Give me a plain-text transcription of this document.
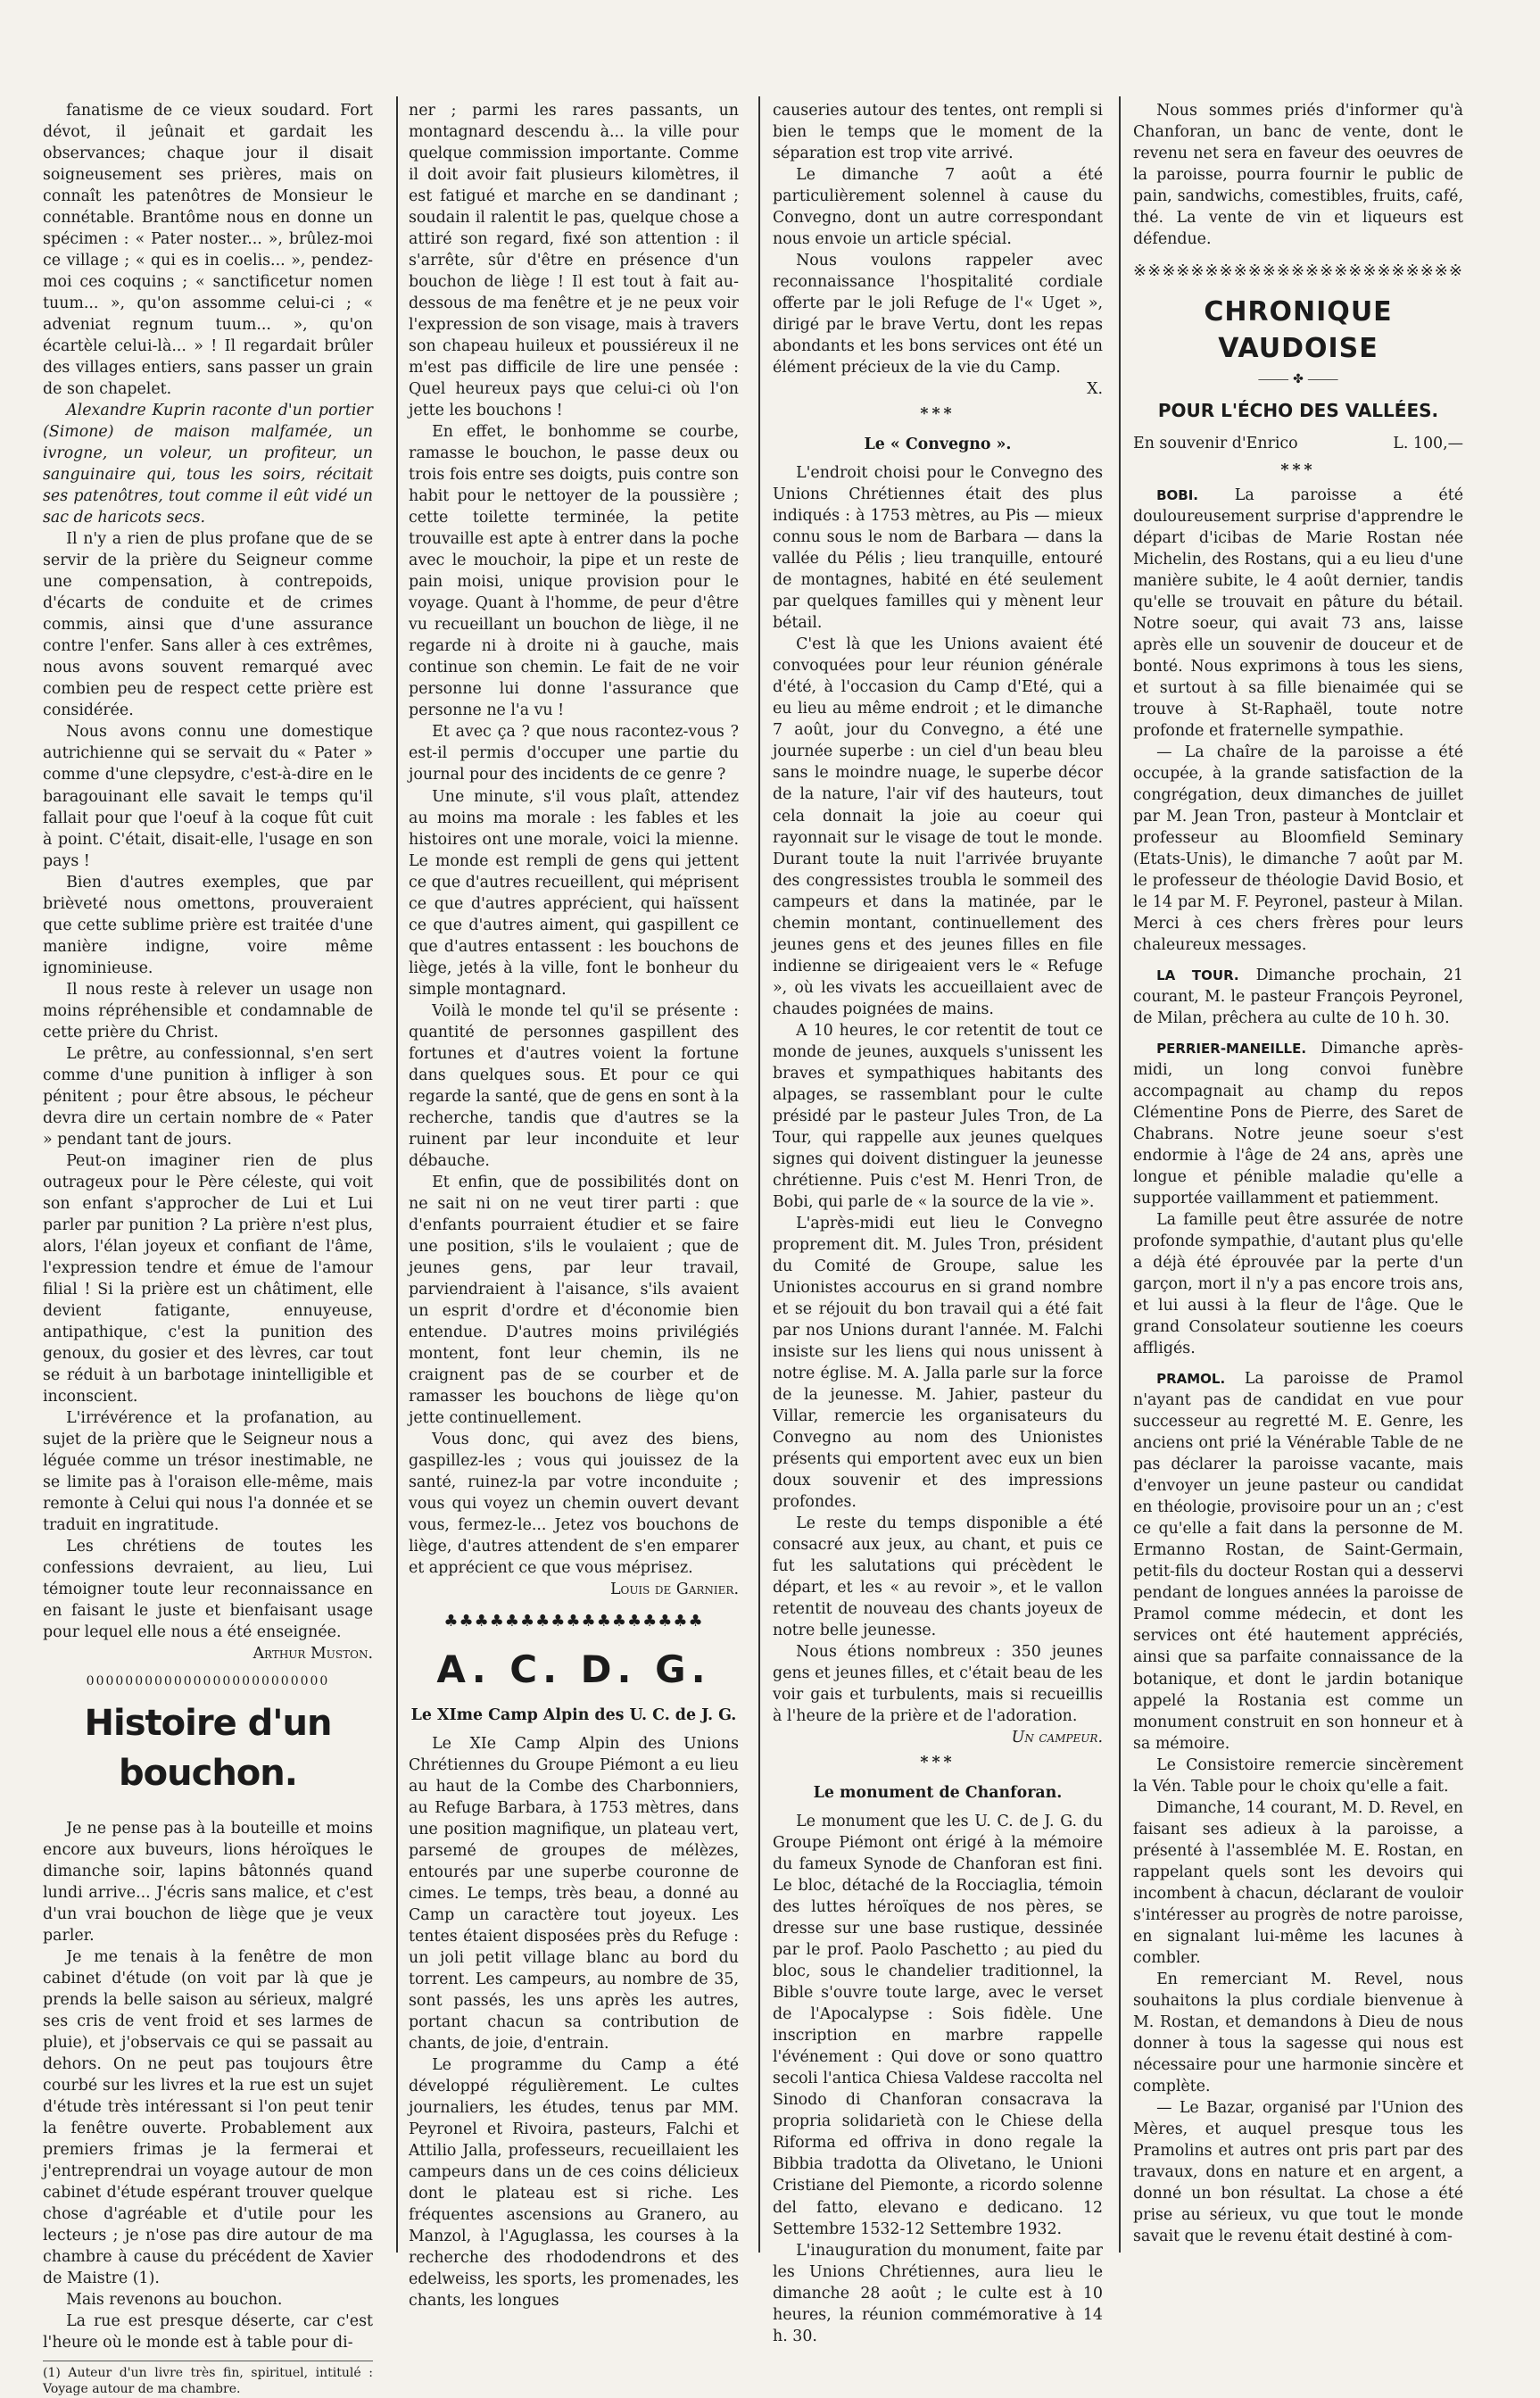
fanatisme de ce vieux soudard. Fort dévot, il jeûnait et gardait les observances; chaque jour il disait soigneusement ses prières, mais on connaît les patenôtres de Monsieur le connétable. Brantôme nous en donne un spécimen : « Pater noster... », brûlez-moi ce village ; « qui es in coelis... », pendez-moi ces coquins ; « sanctificetur nomen tuum... », qu'on assomme celui-ci ; « adveniat regnum tuum... », qu'on écartèle celui-là... » ! Il regardait brûler des villages entiers, sans passer un grain de son chapelet.

Alexandre Kuprin raconte d'un portier (Simone) de maison malfamée, un ivrogne, un voleur, un profiteur, un sanguinaire qui, tous les soirs, récitait ses patenôtres, tout comme il eût vidé un sac de haricots secs.

Il n'y a rien de plus profane que de se servir de la prière du Seigneur comme une compensation, à contrepoids, d'écarts de conduite et de crimes commis, ainsi que d'une assurance contre l'enfer. Sans aller à ces extrêmes, nous avons souvent remarqué avec combien peu de respect cette prière est considérée.

Nous avons connu une domestique autrichienne qui se servait du « Pater » comme d'une clepsydre, c'est-à-dire en le baragouinant elle savait le temps qu'il fallait pour que l'oeuf à la coque fût cuit à point. C'était, disait-elle, l'usage en son pays !

Bien d'autres exemples, que par brièveté nous omettons, prouveraient que cette sublime prière est traitée d'une manière indigne, voire même ignominieuse.

Il nous reste à relever un usage non moins répréhensible et condamnable de cette prière du Christ.

Le prêtre, au confessionnal, s'en sert comme d'une punition à infliger à son pénitent ; pour être absous, le pécheur devra dire un certain nombre de « Pater » pendant tant de jours.

Peut-on imaginer rien de plus outrageux pour le Père céleste, qui voit son enfant s'approcher de Lui et Lui parler par punition ? La prière n'est plus, alors, l'élan joyeux et confiant de l'âme, l'expression tendre et émue de l'amour filial ! Si la prière est un châtiment, elle devient fatigante, ennuyeuse, antipathique, c'est la punition des genoux, du gosier et des lèvres, car tout se réduit à un barbotage inintelligible et inconscient.

L'irrévérence et la profanation, au sujet de la prière que le Seigneur nous a léguée comme un trésor inestimable, ne se limite pas à l'oraison elle-même, mais remonte à Celui qui nous l'a donnée et se traduit en ingratitude.

Les chrétiens de toutes les confessions devraient, au lieu, Lui témoigner toute leur reconnaissance en en faisant le juste et bienfaisant usage pour lequel elle nous a été enseignée.

Arthur Muston.

0000000000000000000000000
Histoire d'un bouchon.

Je ne pense pas à la bouteille et moins encore aux buveurs, lions héroïques le dimanche soir, lapins bâtonnés quand lundi arrive... J'écris sans malice, et c'est d'un vrai bouchon de liège que je veux parler.

Je me tenais à la fenêtre de mon cabinet d'étude (on voit par là que je prends la belle saison au sérieux, malgré ses cris de vent froid et ses larmes de pluie), et j'observais ce qui se passait au dehors. On ne peut pas toujours être courbé sur les livres et la rue est un sujet d'étude très intéressant si l'on peut tenir la fenêtre ouverte. Probablement aux premiers frimas je la fermerai et j'entreprendrai un voyage autour de mon cabinet d'étude espérant trouver quelque chose d'agréable et d'utile pour les lecteurs ; je n'ose pas dire autour de ma chambre à cause du précédent de Xavier de Maistre (1).

Mais revenons au bouchon.

La rue est presque déserte, car c'est l'heure où le monde est à table pour di-

(1) Auteur d'un livre très fin, spirituel, intitulé : Voyage autour de ma chambre.

ner ; parmi les rares passants, un montagnard descendu à... la ville pour quelque commission importante. Comme il doit avoir fait plusieurs kilomètres, il est fatigué et marche en se dandinant ; soudain il ralentit le pas, quelque chose a attiré son regard, fixé son attention : il s'arrête, sûr d'être en présence d'un bouchon de liège ! Il est tout à fait au-dessous de ma fenêtre et je ne peux voir l'expression de son visage, mais à travers son chapeau huileux et poussiéreux il ne m'est pas difficile de lire une pensée : Quel heureux pays que celui-ci où l'on jette les bouchons !

En effet, le bonhomme se courbe, ramasse le bouchon, le passe deux ou trois fois entre ses doigts, puis contre son habit pour le nettoyer de la poussière ; cette toilette terminée, la petite trouvaille est apte à entrer dans la poche avec le mouchoir, la pipe et un reste de pain moisi, unique provision pour le voyage. Quant à l'homme, de peur d'être vu recueillant un bouchon de liège, il ne regarde ni à droite ni à gauche, mais continue son chemin. Le fait de ne voir personne lui donne l'assurance que personne ne l'a vu !

Et avec ça ? que nous racontez-vous ? est-il permis d'occuper une partie du journal pour des incidents de ce genre ?

Une minute, s'il vous plaît, attendez au moins ma morale : les fables et les histoires ont une morale, voici la mienne. Le monde est rempli de gens qui jettent ce que d'autres recueillent, qui méprisent ce que d'autres apprécient, qui haïssent ce que d'autres aiment, qui gaspillent ce que d'autres entassent : les bouchons de liège, jetés à la ville, font le bonheur du simple montagnard.

Voilà le monde tel qu'il se présente : quantité de personnes gaspillent des fortunes et d'autres voient la fortune dans quelques sous. Et pour ce qui regarde la santé, que de gens en sont à la recherche, tandis que d'autres se la ruinent par leur inconduite et leur débauche.

Et enfin, que de possibilités dont on ne sait ni on ne veut tirer parti : que d'enfants pourraient étudier et se faire une position, s'ils le voulaient ; que de jeunes gens, par leur travail, parviendraient à l'aisance, s'ils avaient un esprit d'ordre et d'économie bien entendue. D'autres moins privilégiés montent, font leur chemin, ils ne craignent pas de se courber et de ramasser les bouchons de liège qu'on jette continuellement.

Vous donc, qui avez des biens, gaspillez-les ; vous qui jouissez de la santé, ruinez-la par votre inconduite ; vous qui voyez un chemin ouvert devant vous, fermez-le... Jetez vos bouchons de liège, d'autres attendent de s'en emparer et apprécient ce que vous méprisez.

Louis de Garnier.

♣♣♣♣♣♣♣♣♣♣♣♣♣♣♣♣♣
A. C. D. G.
Le XIme Camp Alpin des U. C. de J. G.

Le XIe Camp Alpin des Unions Chrétiennes du Groupe Piémont a eu lieu au haut de la Combe des Charbonniers, au Refuge Barbara, à 1753 mètres, dans une position magnifique, un plateau vert, parsemé de groupes de mélèzes, entourés par une superbe couronne de cimes. Le temps, très beau, a donné au Camp un caractère tout joyeux. Les tentes étaient disposées près du Refuge : un joli petit village blanc au bord du torrent. Les campeurs, au nombre de 35, sont passés, les uns après les autres, portant chacun sa contribution de chants, de joie, d'entrain.

Le programme du Camp a été développé régulièrement. Le cultes journaliers, les études, tenus par MM. Peyronel et Rivoira, pasteurs, Falchi et Attilio Jalla, professeurs, recueillaient les campeurs dans un de ces coins délicieux dont le plateau est si riche. Les fréquentes ascensions au Granero, au Manzol, à l'Aguglassa, les courses à la recherche des rhododendrons et des edelweiss, les sports, les promenades, les chants, les longues

causeries autour des tentes, ont rempli si bien le temps que le moment de la séparation est trop vite arrivé.

Le dimanche 7 août a été particulièrement solennel à cause du Convegno, dont un autre correspondant nous envoie un article spécial.

Nous voulons rappeler avec reconnaissance l'hospitalité cordiale offerte par le joli Refuge de l'« Uget », dirigé par le brave Vertu, dont les repas abondants et les bons services ont été un élément précieux de la vie du Camp.

X.

***
Le « Convegno ».

L'endroit choisi pour le Convegno des Unions Chrétiennes était des plus indiqués : à 1753 mètres, au Pis — mieux connu sous le nom de Barbara — dans la vallée du Pélis ; lieu tranquille, entouré de montagnes, habité en été seulement par quelques familles qui y mènent leur bétail.

C'est là que les Unions avaient été convoquées pour leur réunion générale d'été, à l'occasion du Camp d'Eté, qui a eu lieu au même endroit ; et le dimanche 7 août, jour du Convegno, a été une journée superbe : un ciel d'un beau bleu sans le moindre nuage, le superbe décor de la nature, l'air vif des hauteurs, tout cela donnait la joie au coeur qui rayonnait sur le visage de tout le monde. Durant toute la nuit l'arrivée bruyante des congressistes troubla le sommeil des campeurs et dans la matinée, par le chemin montant, continuellement des jeunes gens et des jeunes filles en file indienne se dirigeaient vers le « Refuge », où les vivats les accueillaient avec de chaudes poignées de mains.

A 10 heures, le cor retentit de tout ce monde de jeunes, auxquels s'unissent les braves et sympathiques habitants des alpages, se rassemblant pour le culte présidé par le pasteur Jules Tron, de La Tour, qui rappelle aux jeunes quelques signes qui doivent distinguer la jeunesse chrétienne. Puis c'est M. Henri Tron, de Bobi, qui parle de « la source de la vie ».

L'après-midi eut lieu le Convegno proprement dit. M. Jules Tron, président du Comité de Groupe, salue les Unionistes accourus en si grand nombre et se réjouit du bon travail qui a été fait par nos Unions durant l'année. M. Falchi insiste sur les liens qui nous unissent à notre église. M. A. Jalla parle sur la force de la jeunesse. M. Jahier, pasteur du Villar, remercie les organisateurs du Convegno au nom des Unionistes présents qui emportent avec eux un bien doux souvenir et des impressions profondes.

Le reste du temps disponible a été consacré aux jeux, au chant, et puis ce fut les salutations qui précèdent le départ, et les « au revoir », et le vallon retentit de nouveau des chants joyeux de notre belle jeunesse.

Nous étions nombreux : 350 jeunes gens et jeunes filles, et c'était beau de les voir gais et turbulents, mais si recueillis à l'heure de la prière et de l'adoration.

Un campeur.

***
Le monument de Chanforan.

Le monument que les U. C. de J. G. du Groupe Piémont ont érigé à la mémoire du fameux Synode de Chanforan est fini. Le bloc, détaché de la Rocciaglia, témoin des luttes héroïques de nos pères, se dresse sur une base rustique, dessinée par le prof. Paolo Paschetto ; au pied du bloc, sous le chandelier traditionnel, la Bible s'ouvre toute large, avec le verset de l'Apocalypse : Sois fidèle. Une inscription en marbre rappelle l'événement : Qui dove or sono quattro secoli l'antica Chiesa Valdese raccolta nel Sinodo di Chanforan consacrava la propria solidarietà con le Chiese della Riforma ed offriva in dono regale la Bibbia tradotta da Olivetano, le Unioni Cristiane del Piemonte, a ricordo solenne del fatto, elevano e dedicano. 12 Settembre 1532-12 Settembre 1932.

L'inauguration du monument, faite par les Unions Chrétiennes, aura lieu le dimanche 28 août ; le culte est à 10 heures, la réunion commémorative à 14 h. 30.

Nous sommes priés d'informer qu'à Chanforan, un banc de vente, dont le revenu net sera en faveur des oeuvres de la paroisse, pourra fournir le public de pain, sandwichs, comestibles, fruits, café, thé. La vente de vin et liqueurs est défendue.

※※※※※※※※※※※※※※※※※※※※※※※
CHRONIQUE VAUDOISE
⸻ ✤ ⸻
POUR L'ÉCHO DES VALLÉES.
En souvenir d'Enrico	L. 100,—
***

BOBI. La paroisse a été douloureusement surprise d'apprendre le départ d'icibas de Marie Rostan née Michelin, des Rostans, qui a eu lieu d'une manière subite, le 4 août dernier, tandis qu'elle se trouvait en pâture du bétail. Notre soeur, qui avait 73 ans, laisse après elle un souvenir de douceur et de bonté. Nous exprimons à tous les siens, et surtout à sa fille bienaimée qui se trouve à St-Raphaël, toute notre profonde et fraternelle sympathie.

— La chaîre de la paroisse a été occupée, à la grande satisfaction de la congrégation, deux dimanches de juillet par M. Jean Tron, pasteur à Montclair et professeur au Bloomfield Seminary (Etats-Unis), le dimanche 7 août par M. le professeur de théologie David Bosio, et le 14 par M. F. Peyronel, pasteur à Milan. Merci à ces chers frères pour leurs chaleureux messages.

LA TOUR. Dimanche prochain, 21 courant, M. le pasteur François Peyronel, de Milan, prêchera au culte de 10 h. 30.

PERRIER-MANEILLE. Dimanche après-midi, un long convoi funèbre accompagnait au champ du repos Clémentine Pons de Pierre, des Saret de Chabrans. Notre jeune soeur s'est endormie à l'âge de 24 ans, après une longue et pénible maladie qu'elle a supportée vaillamment et patiemment.

La famille peut être assurée de notre profonde sympathie, d'autant plus qu'elle a déjà été éprouvée par la perte d'un garçon, mort il n'y a pas encore trois ans, et lui aussi à la fleur de l'âge. Que le grand Consolateur soutienne les coeurs affligés.

PRAMOL. La paroisse de Pramol n'ayant pas de candidat en vue pour successeur au regretté M. E. Genre, les anciens ont prié la Vénérable Table de ne pas déclarer la paroisse vacante, mais d'envoyer un jeune pasteur ou candidat en théologie, provisoire pour un an ; c'est ce qu'elle a fait dans la personne de M. Ermanno Rostan, de Saint-Germain, petit-fils du docteur Rostan qui a desservi pendant de longues années la paroisse de Pramol comme médecin, et dont les services ont été hautement appréciés, ainsi que sa parfaite connaissance de la botanique, et dont le jardin botanique appelé la Rostania est comme un monument construit en son honneur et à sa mémoire.

Le Consistoire remercie sincèrement la Vén. Table pour le choix qu'elle a fait.

Dimanche, 14 courant, M. D. Revel, en faisant ses adieux à la paroisse, a présenté à l'assemblée M. E. Rostan, en rappelant quels sont les devoirs qui incombent à chacun, déclarant de vouloir s'intéresser au progrès de notre paroisse, en signalant lui-même les lacunes à combler.

En remerciant M. Revel, nous souhaitons la plus cordiale bienvenue à M. Rostan, et demandons à Dieu de nous donner à tous la sagesse qui nous est nécessaire pour une harmonie sincère et complète.

— Le Bazar, organisé par l'Union des Mères, et auquel presque tous les Pramolins et autres ont pris part par des travaux, dons en nature et en argent, a donné un bon résultat. La chose a été prise au sérieux, vu que tout le monde savait que le revenu était destiné à com-
